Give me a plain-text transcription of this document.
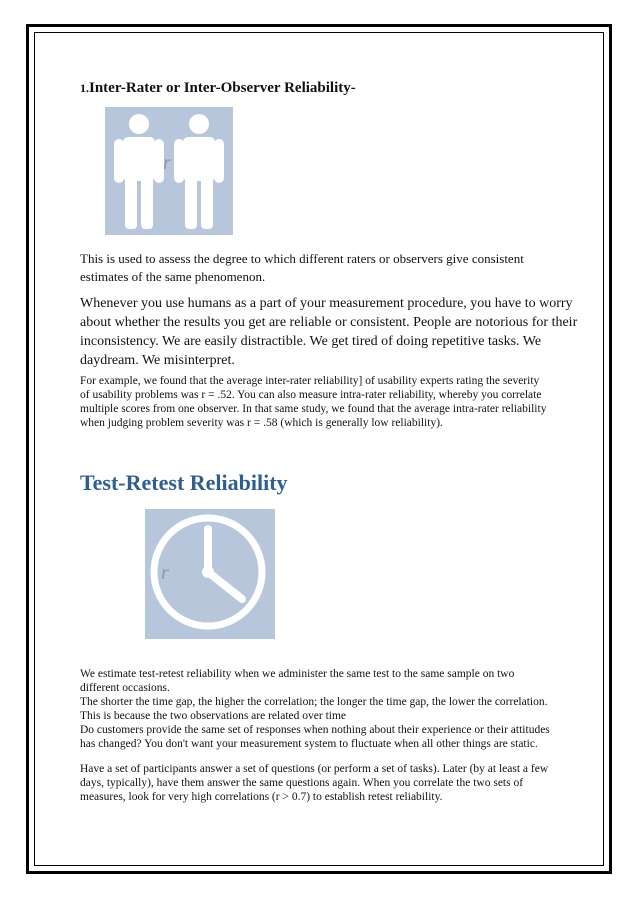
1.Inter-Rater or Inter-Observer Reliability-
r
This is used to assess the degree to which different raters or observers give consistent
estimates of the same phenomenon.
Whenever you use humans as a part of your measurement procedure, you have to worry
about whether the results you get are reliable or consistent. People are notorious for their
inconsistency. We are easily distractible. We get tired of doing repetitive tasks. We
daydream. We misinterpret.
For example, we found that the average inter-rater reliability] of usability experts rating the severity
of usability problems was r = .52. You can also measure intra-rater reliability, whereby you correlate
multiple scores from one observer. In that same study, we found that the average intra-rater reliability
when judging problem severity was r = .58 (which is generally low reliability).
Test-Retest Reliability
r
We estimate test-retest reliability when we administer the same test to the same sample on two
different occasions.
The shorter the time gap, the higher the correlation; the longer the time gap, the lower the correlation.
This is because the two observations are related over time
Do customers provide the same set of responses when nothing about their experience or their attitudes
has changed? You don't want your measurement system to fluctuate when all other things are static.
Have a set of participants answer a set of questions (or perform a set of tasks). Later (by at least a few
days, typically), have them answer the same questions again. When you correlate the two sets of
measures, look for very high correlations (r > 0.7) to establish retest reliability.
